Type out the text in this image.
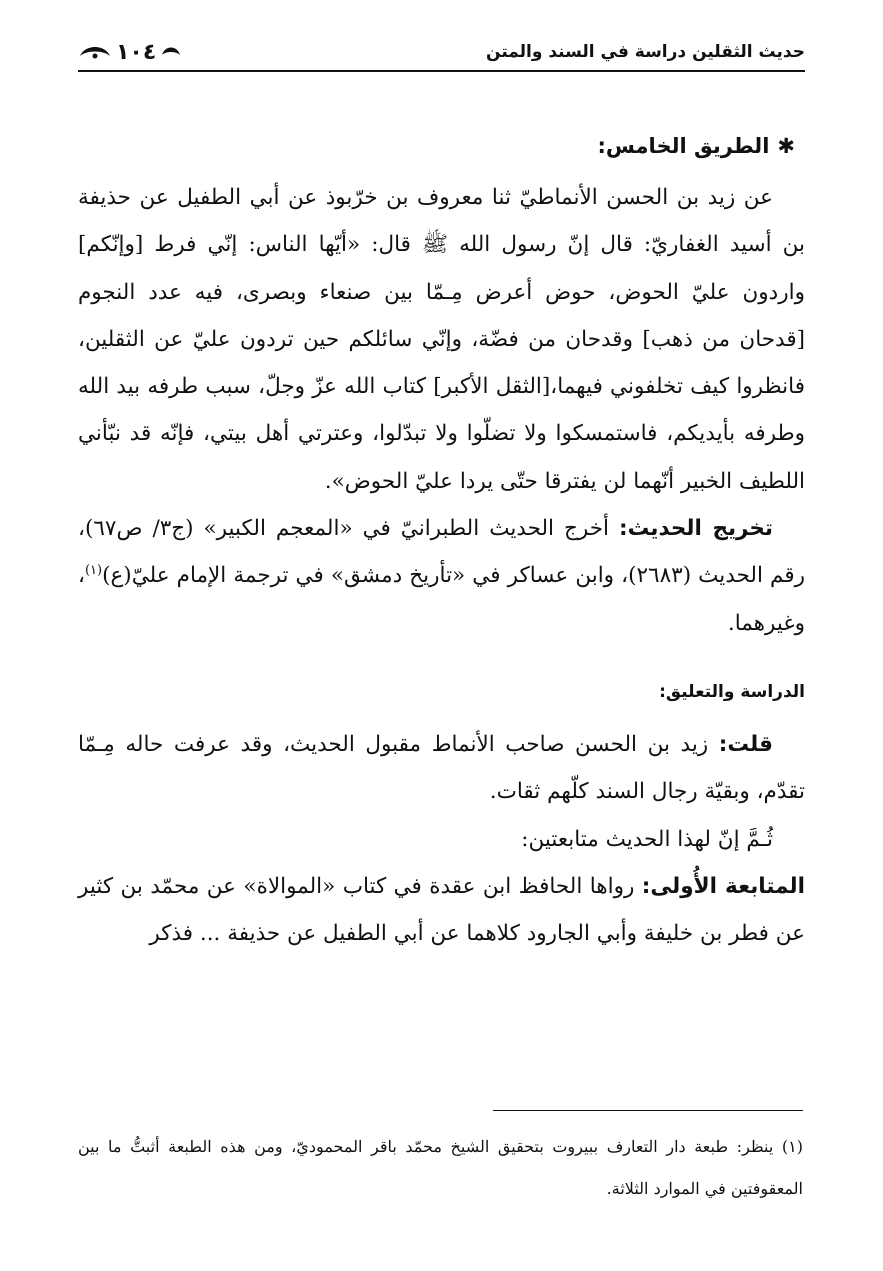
حديث الثقلين دراسة في السند والمتن
١٠٤
✱الطريق الخامس:

عن زيد بن الحسن الأنماطيّ ثنا معروف بن خرّبوذ عن أبي الطفيل عن حذيفة بن أسيد الغفاريّ: قال إنّ رسول الله ﷺ قال: «أيّها الناس: إنّي فرط [وإنّكم] واردون عليّ الحوض، حوض أعرض مِـمّا بين صنعاء وبصرى، فيه عدد النجوم [قدحان من ذهب] وقدحان من فضّة، وإنّي سائلكم حين تردون عليّ عن الثقلين، فانظروا كيف تخلفوني فيهما،[الثقل الأكبر] كتاب الله عزّ وجلّ، سبب طرفه بيد الله وطرفه بأيديكم، فاستمسكوا ولا تضلّوا ولا تبدّلوا، وعترتي أهل بيتي، فإنّه قد نبّأني اللطيف الخبير أنّهما لن يفترقا حتّى يردا عليّ الحوض».

تخريج الحديث: أخرج الحديث الطبرانيّ في «المعجم الكبير» (ج٣/ ص٦٧)، رقم الحديث (٢٦٨٣)، وابن عساكر في «تأريخ دمشق» في ترجمة الإمام عليّ(ع)$^{(١)}$، وغيرهما.

الدراسة والتعليق:

قلت: زيد بن الحسن صاحب الأنماط مقبول الحديث، وقد عرفت حاله مِـمّا تقدّم، وبقيّة رجال السند كلّهم ثقات.

ثُـمَّ إنّ لهذا الحديث متابعتين:

المتابعة الأُولى: رواها الحافظ ابن عقدة في كتاب «الموالاة» عن محمّد بن كثير عن فطر بن خليفة وأبي الجارود كلاهما عن أبي الطفيل عن حذيفة ... فذكر

(١) ينظر: طبعة دار التعارف ببيروت بتحقيق الشيخ محمّد باقر المحموديّ، ومن هذه الطبعة أثبتُّ ما بين المعقوفتين في الموارد الثلاثة.
